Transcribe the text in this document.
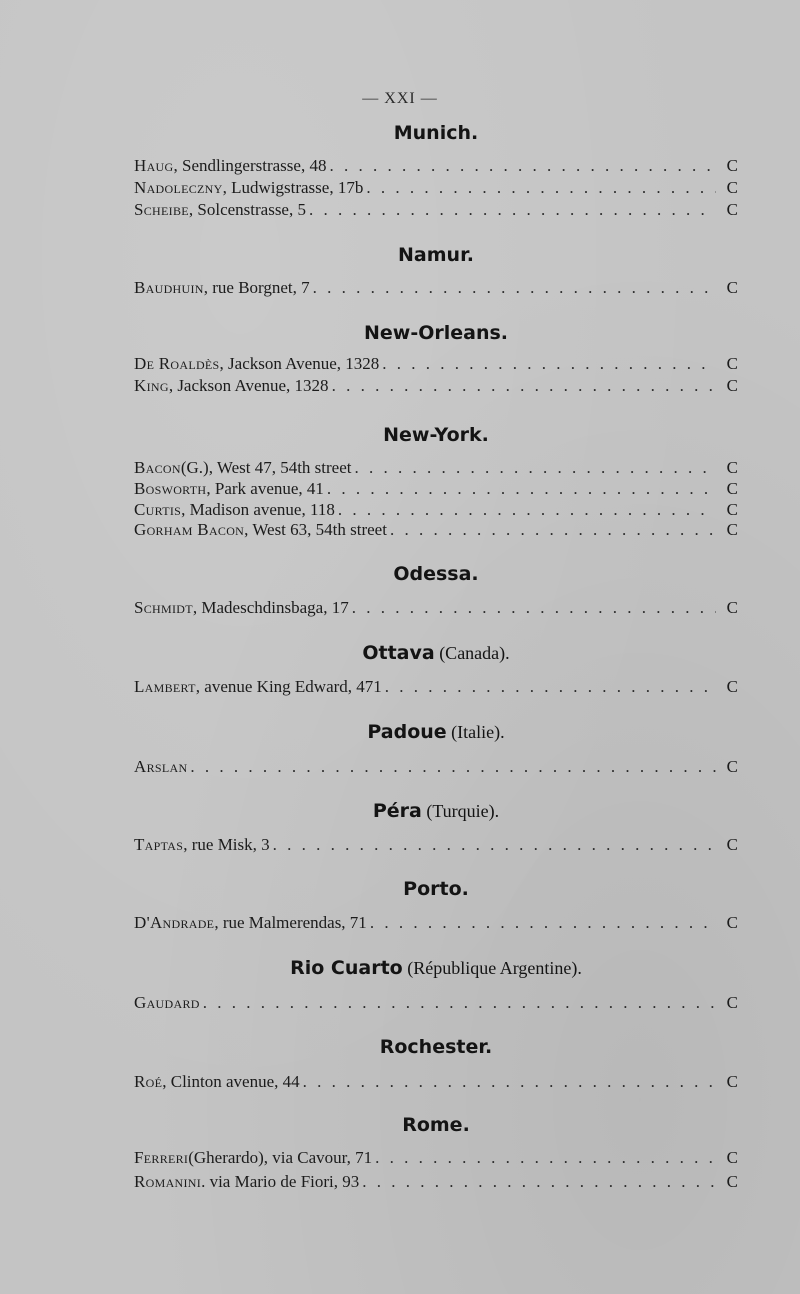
— XXI —
Munich.
Haug , Sendlingerstrasse, 48 . . .	C
Nadoleczny , Ludwigstrasse, 17b . . .	C
Scheibe , Solcenstrasse, 5 . . .	C
Namur.
Baudhuin , rue Borgnet, 7 . . .	C
New-Orleans.
De Roaldès , Jackson Avenue, 1328 . . .	C
King , Jackson Avenue, 1328 . . .	C
New-York.
Bacon (G.), West 47, 54th street . . .	C
Bosworth , Park avenue, 41 . . .	C
Curtis , Madison avenue, 118 . . .	C
Gorham Bacon , West 63, 54th street . . .	C
Odessa.
Schmidt , Madeschdinsbaga, 17 . . .	C
Ottava (Canada).
Lambert , avenue King Edward, 471 . . .	C
Padoue (Italie).
Arslan . . .	C
Péra (Turquie).
Taptas , rue Misk, 3 . . .	C
Porto.
D'Andrade , rue Malmerendas, 71 . . .	C
Rio Cuarto (République Argentine).
Gaudard . . .	C
Rochester.
Roé , Clinton avenue, 44 . . .	C
Rome.
Ferreri (Gherardo), via Cavour, 71 . . .	C
Romanini . via Mario de Fiori, 93 . . .	C
